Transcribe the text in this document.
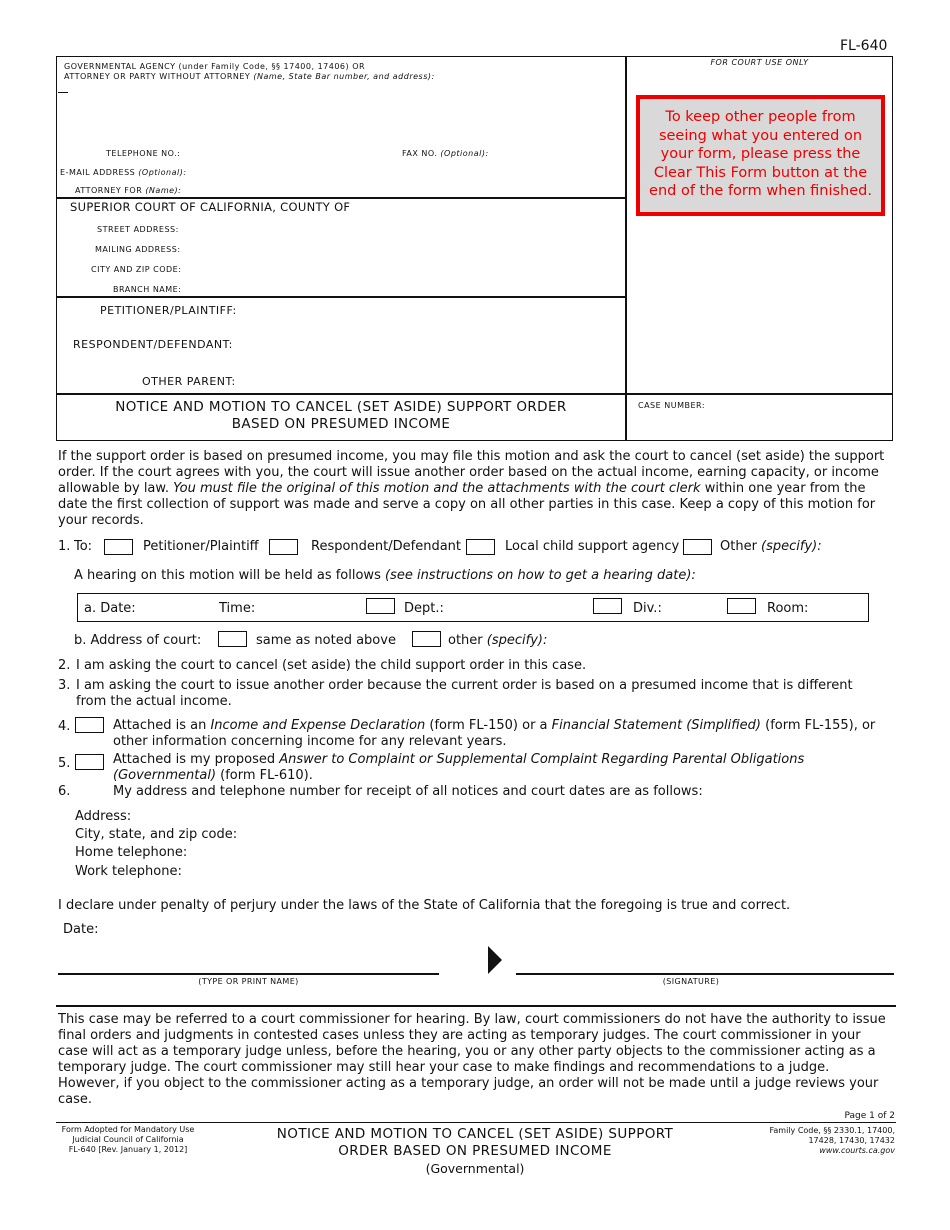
FL-640
GOVERNMENTAL AGENCY (under Family Code, §§ 17400, 17406) OR
ATTORNEY OR PARTY WITHOUT ATTORNEY (Name, State Bar number, and address):
TELEPHONE NO.:	FAX NO. (Optional):
E-MAIL ADDRESS (Optional):
ATTORNEY FOR (Name):
SUPERIOR COURT OF CALIFORNIA, COUNTY OF
STREET ADDRESS:
MAILING ADDRESS:
CITY AND ZIP CODE:
BRANCH NAME:
PETITIONER/PLAINTIFF:
RESPONDENT/DEFENDANT:
OTHER PARENT:
NOTICE AND MOTION TO CANCEL (SET ASIDE) SUPPORT ORDER
BASED ON PRESUMED INCOME
CASE NUMBER:
FOR COURT USE ONLY
To keep other people from seeing what you entered on your form, please press the Clear This Form button at the end of the form when finished.
If the support order is based on presumed income, you may file this motion and ask the court to cancel (set aside) the support order. If the court agrees with you, the court will issue another order based on the actual income, earning capacity, or income allowable by law. You must file the original of this motion and the attachments with the court clerk within one year from the date the first collection of support was made and serve a copy on all other parties in this case. Keep a copy of this motion for your records.
1. To:	Petitioner/Plaintiff	Respondent/Defendant	Local child support agency	Other (specify):
A hearing on this motion will be held as follows (see instructions on how to get a hearing date):
a. Date:	Time:	Dept.:	Div.:	Room:
b. Address of court:	same as noted above	other (specify):
2. I am asking the court to cancel (set aside) the child support order in this case.
3. I am asking the court to issue another order because the current order is based on a presumed income that is different from the actual income.
4.	Attached is an Income and Expense Declaration (form FL-150) or a Financial Statement (Simplified) (form FL-155), or other information concerning income for any relevant years.
5.	Attached is my proposed Answer to Complaint or Supplemental Complaint Regarding Parental Obligations (Governmental) (form FL-610).
6.	My address and telephone number for receipt of all notices and court dates are as follows:
Address:
City, state, and zip code:
Home telephone:
Work telephone:
I declare under penalty of perjury under the laws of the State of California that the foregoing is true and correct.
Date:
(TYPE OR PRINT NAME)	(SIGNATURE)
This case may be referred to a court commissioner for hearing. By law, court commissioners do not have the authority to issue final orders and judgments in contested cases unless they are acting as temporary judges. The court commissioner in your case will act as a temporary judge unless, before the hearing, you or any other party objects to the commissioner acting as a temporary judge. The court commissioner may still hear your case to make findings and recommendations to a judge. However, if you object to the commissioner acting as a temporary judge, an order will not be made until a judge reviews your case.
Page 1 of 2
Form Adopted for Mandatory Use
Judicial Council of California
FL-640 [Rev. January 1, 2012]
NOTICE AND MOTION TO CANCEL (SET ASIDE) SUPPORT
ORDER BASED ON PRESUMED INCOME
(Governmental)
Family Code, §§ 2330.1, 17400,
17428, 17430, 17432
www.courts.ca.gov
